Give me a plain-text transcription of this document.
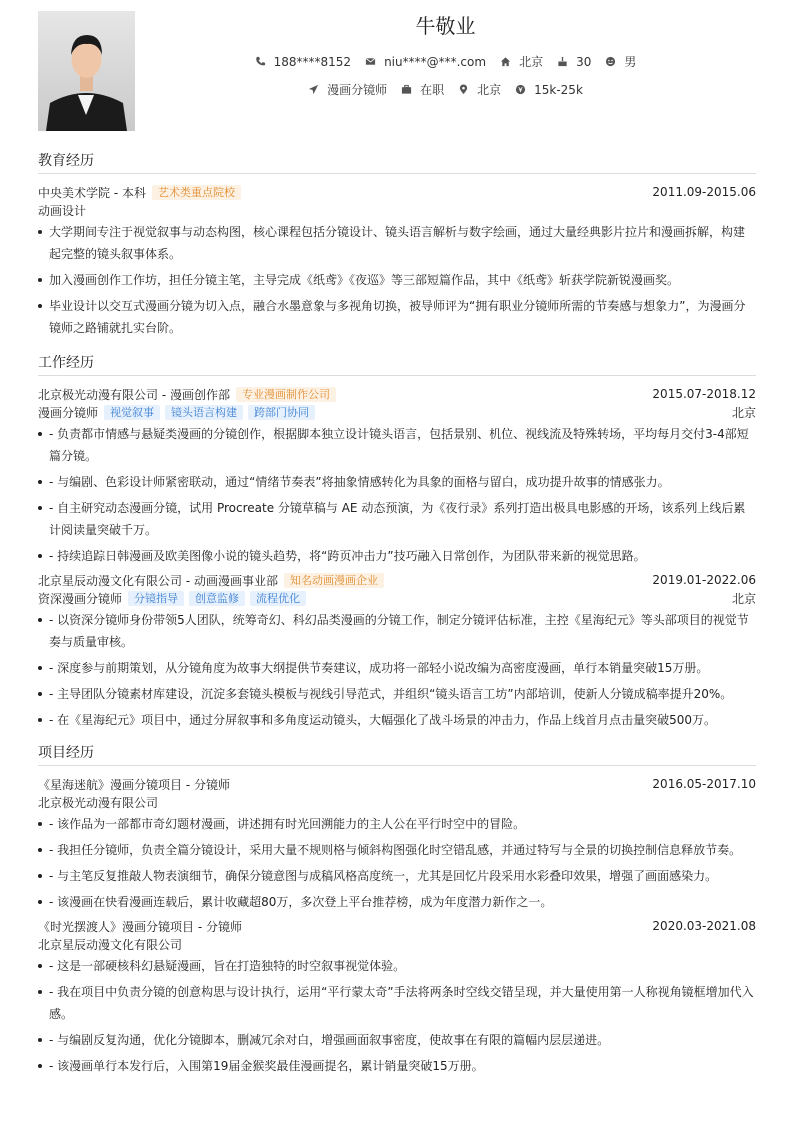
牛敬业
188****8152	niu****@***.com	北京	30	男
漫画分镜师	在职	北京	15k-25k
教育经历
中央美术学院 - 本科	艺术类重点院校	2011.09-2015.06
动画设计
大学期间专注于视觉叙事与动态构图，核心课程包括分镜设计、镜头语言解析与数字绘画，通过大量经典影片拉片和漫画拆解，构建起完整的镜头叙事体系。
加入漫画创作工作坊，担任分镜主笔，主导完成《纸鸢》《夜巡》等三部短篇作品，其中《纸鸢》斩获学院新锐漫画奖。
毕业设计以交互式漫画分镜为切入点，融合水墨意象与多视角切换，被导师评为“拥有职业分镜师所需的节奏感与想象力”，为漫画分镜师之路铺就扎实台阶。
工作经历
北京极光动漫有限公司 - 漫画创作部	专业漫画制作公司	2015.07-2018.12
漫画分镜师	视觉叙事	镜头语言构建	跨部门协同	北京
- 负责都市情感与悬疑类漫画的分镜创作，根据脚本独立设计镜头语言，包括景别、机位、视线流及特殊转场，平均每月交付3-4部短篇分镜。
- 与编剧、色彩设计师紧密联动，通过“情绪节奏表”将抽象情感转化为具象的面格与留白，成功提升故事的情感张力。
- 自主研究动态漫画分镜，试用 Procreate 分镜草稿与 AE 动态预演，为《夜行录》系列打造出极具电影感的开场，该系列上线后累计阅读量突破千万。
- 持续追踪日韩漫画及欧美图像小说的镜头趋势，将“跨页冲击力”技巧融入日常创作，为团队带来新的视觉思路。
北京星辰动漫文化有限公司 - 动画漫画事业部	知名动画漫画企业	2019.01-2022.06
资深漫画分镜师	分镜指导	创意监修	流程优化	北京
- 以资深分镜师身份带领5人团队，统筹奇幻、科幻品类漫画的分镜工作，制定分镜评估标准，主控《星海纪元》等头部项目的视觉节奏与质量审核。
- 深度参与前期策划，从分镜角度为故事大纲提供节奏建议，成功将一部轻小说改编为高密度漫画，单行本销量突破15万册。
- 主导团队分镜素材库建设，沉淀多套镜头模板与视线引导范式，并组织“镜头语言工坊”内部培训，使新人分镜成稿率提升20%。
- 在《星海纪元》项目中，通过分屏叙事和多角度运动镜头，大幅强化了战斗场景的冲击力，作品上线首月点击量突破500万。
项目经历
《星海迷航》漫画分镜项目 - 分镜师	2016.05-2017.10
北京极光动漫有限公司
- 该作品为一部都市奇幻题材漫画，讲述拥有时光回溯能力的主人公在平行时空中的冒险。
- 我担任分镜师，负责全篇分镜设计，采用大量不规则格与倾斜构图强化时空错乱感，并通过特写与全景的切换控制信息释放节奏。
- 与主笔反复推敲人物表演细节，确保分镜意图与成稿风格高度统一，尤其是回忆片段采用水彩叠印效果，增强了画面感染力。
- 该漫画在快看漫画连载后，累计收藏超80万，多次登上平台推荐榜，成为年度潜力新作之一。
《时光摆渡人》漫画分镜项目 - 分镜师	2020.03-2021.08
北京星辰动漫文化有限公司
- 这是一部硬核科幻悬疑漫画，旨在打造独特的时空叙事视觉体验。
- 我在项目中负责分镜的创意构思与设计执行，运用“平行蒙太奇”手法将两条时空线交错呈现，并大量使用第一人称视角镜框增加代入感。
- 与编剧反复沟通，优化分镜脚本，删减冗余对白，增强画面叙事密度，使故事在有限的篇幅内层层递进。
- 该漫画单行本发行后，入围第19届金猴奖最佳漫画提名，累计销量突破15万册。
